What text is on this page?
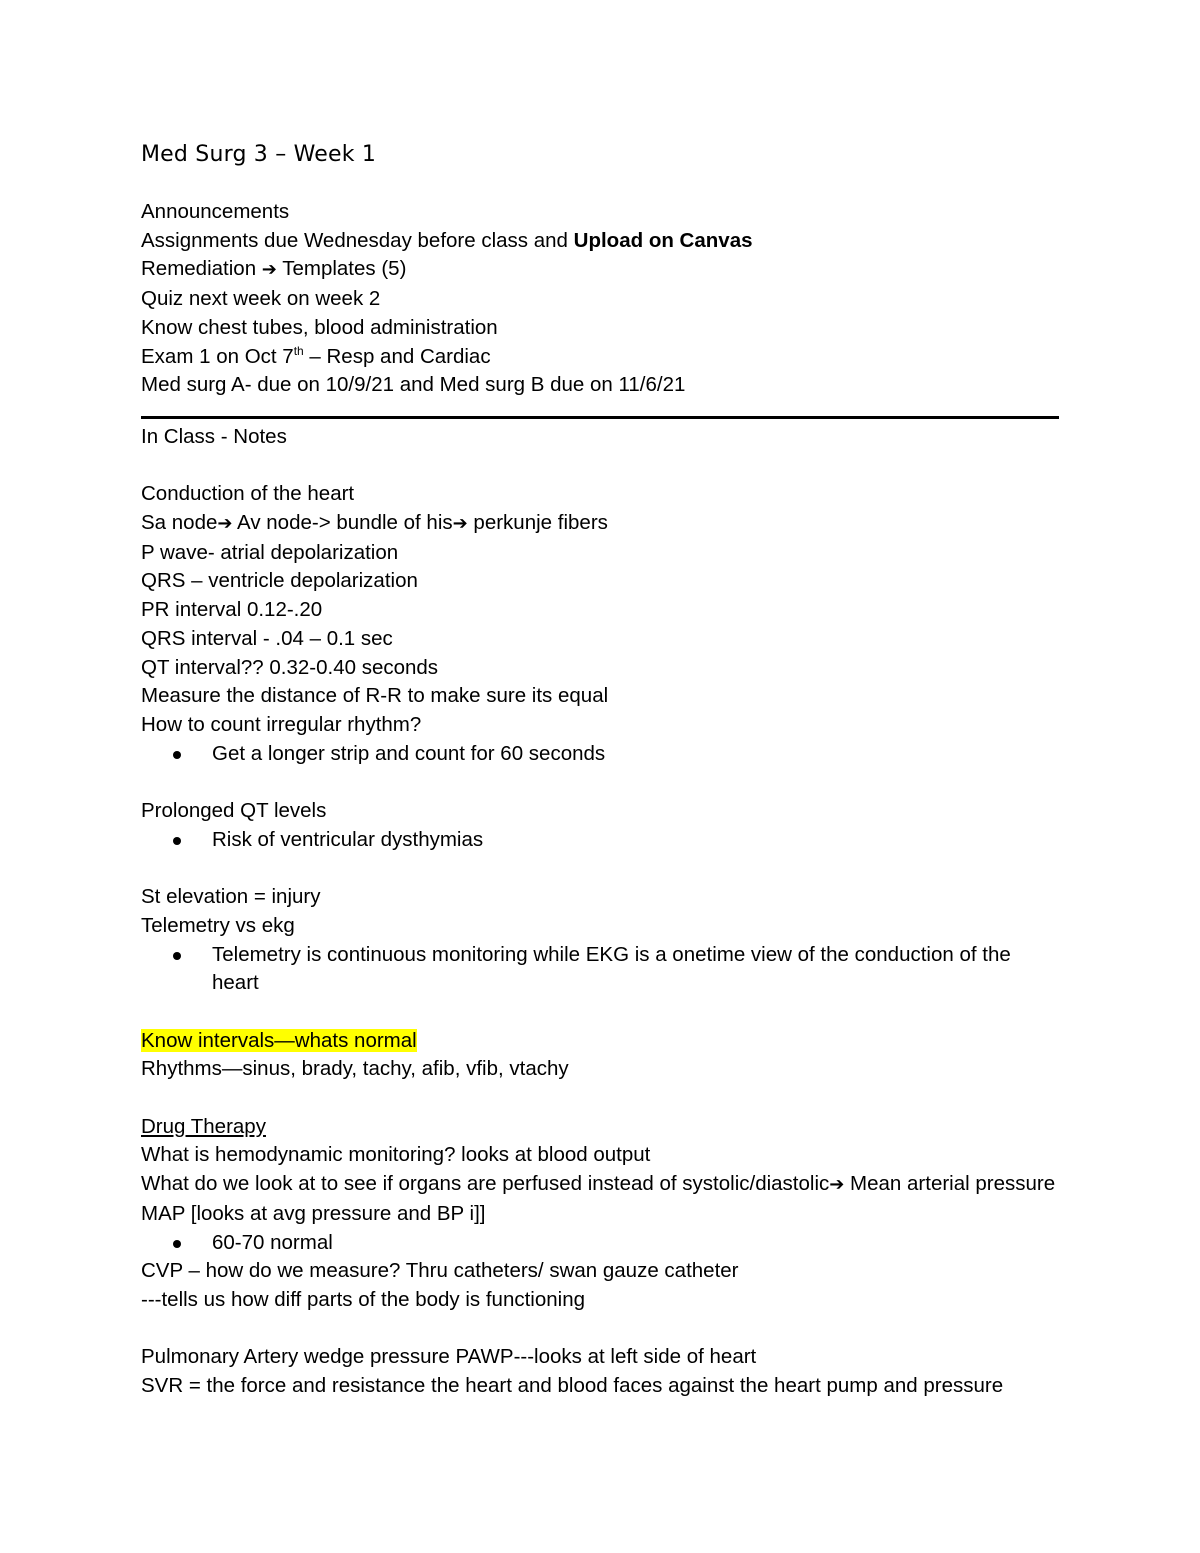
Med Surg 3 – Week 1
Announcements
Assignments due Wednesday before class and Upload on Canvas
Remediation ➔ Templates (5)
Quiz next week on week 2
Know chest tubes, blood administration
Exam 1 on Oct 7th – Resp and Cardiac
Med surg A- due on 10/9/21 and Med surg B due on 11/6/21
In Class - Notes
Conduction of the heart
Sa node➔ Av node-> bundle of his➔ perkunje fibers
P wave- atrial depolarization
QRS – ventricle depolarization
PR interval 0.12-.20
QRS interval - .04 – 0.1 sec
QT interval?? 0.32-0.40 seconds
Measure the distance of R-R to make sure its equal
How to count irregular rhythm?
Get a longer strip and count for 60 seconds
Prolonged QT levels
Risk of ventricular dysthymias
St elevation = injury
Telemetry vs ekg
Telemetry is continuous monitoring while EKG is a onetime view of the conduction of the heart
Know intervals—whats normal
Rhythms—sinus, brady, tachy, afib, vfib, vtachy
Drug Therapy
What is hemodynamic monitoring? looks at blood output
What do we look at to see if organs are perfused instead of systolic/diastolic➔ Mean arterial pressure MAP [looks at avg pressure and BP i]]
60-70 normal
CVP – how do we measure? Thru catheters/ swan gauze catheter
---tells us how diff parts of the body is functioning
Pulmonary Artery wedge pressure PAWP---looks at left side of heart
SVR = the force and resistance the heart and blood faces against the heart pump and pressure
